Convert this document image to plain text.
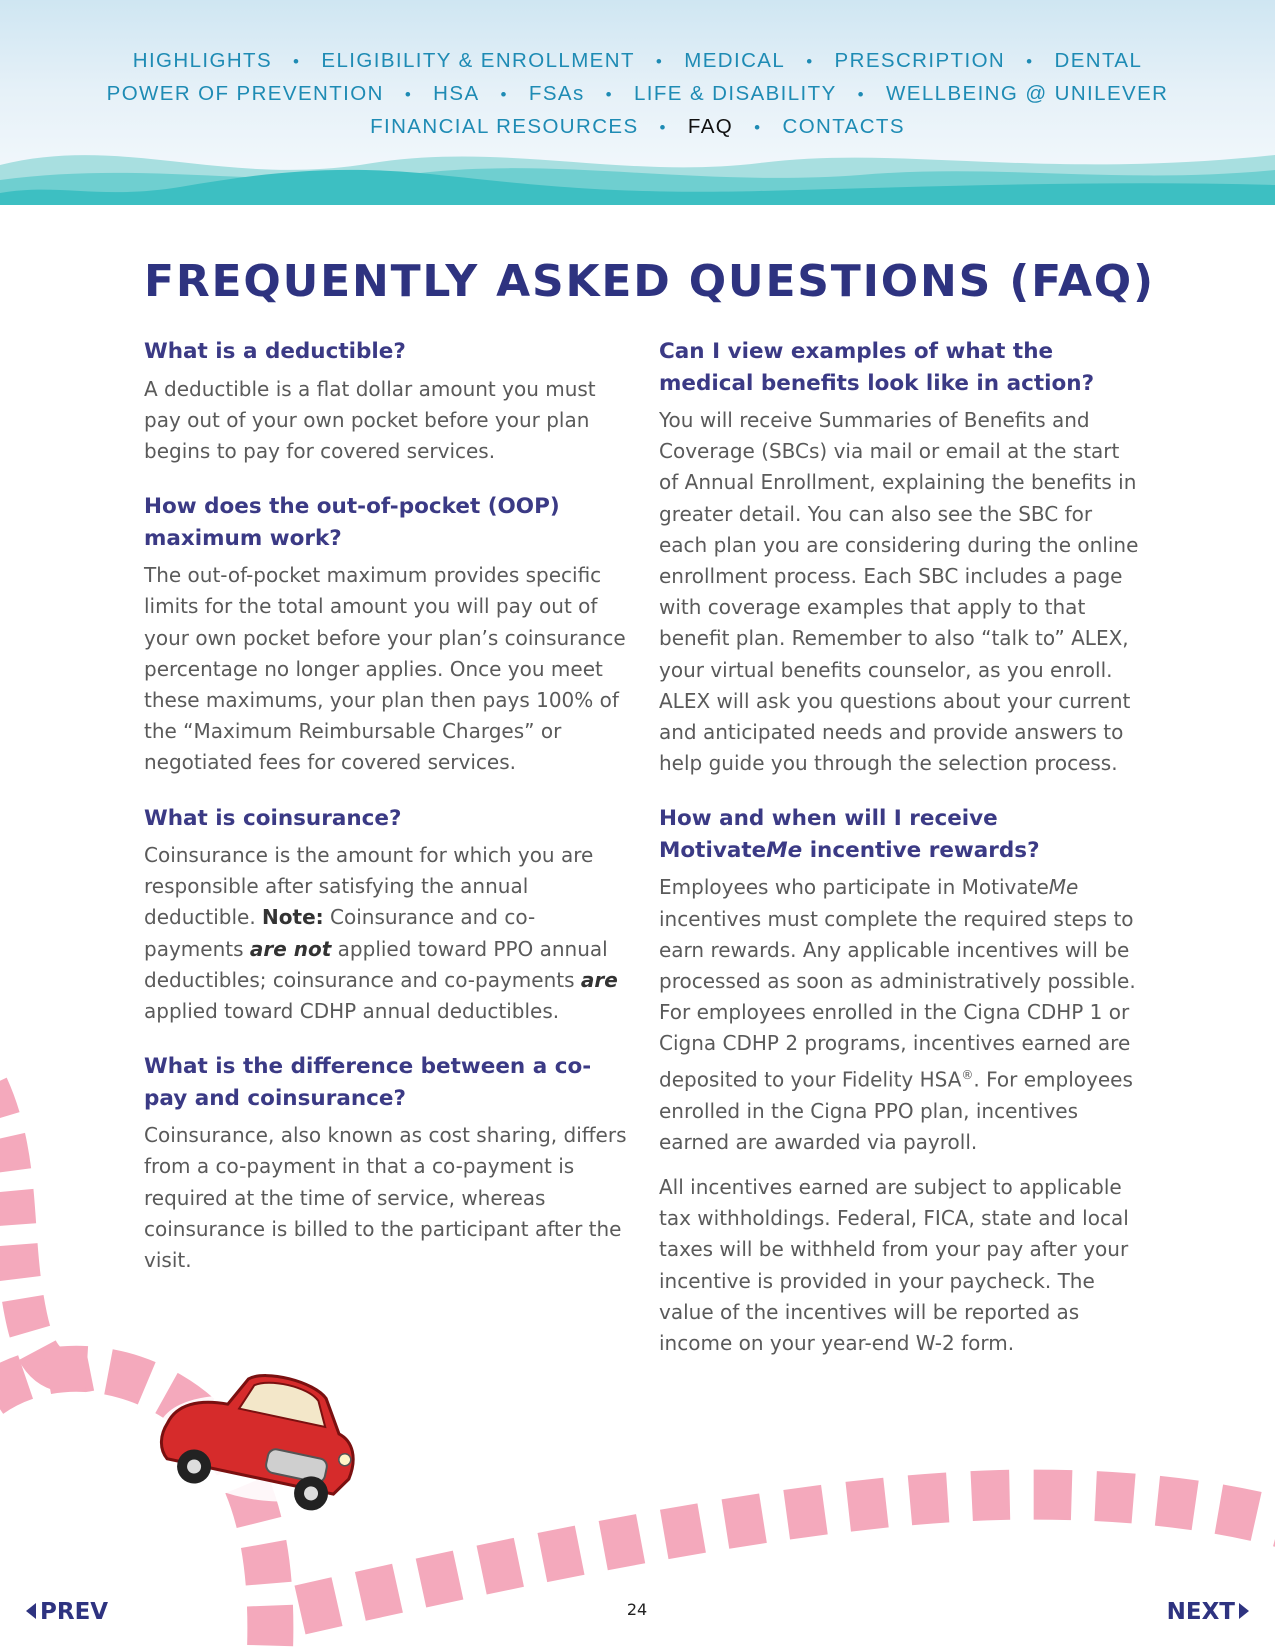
HIGHLIGHTS • ELIGIBILITY & ENROLLMENT • MEDICAL • PRESCRIPTION • DENTAL
POWER OF PREVENTION • HSA • FSAs • LIFE & DISABILITY • WELLBEING @ UNILEVER
FINANCIAL RESOURCES • FAQ • CONTACTS
FREQUENTLY ASKED QUESTIONS (FAQ)
What is a deductible?

A deductible is a flat dollar amount you must pay out of your own pocket before your plan begins to pay for covered services.

How does the out-of-pocket (OOP) maximum work?

The out-of-pocket maximum provides specific limits for the total amount you will pay out of your own pocket before your plan’s coinsurance percentage no longer applies. Once you meet these maximums, your plan then pays 100% of the “Maximum Reimbursable Charges” or negotiated fees for covered services.

What is coinsurance?

Coinsurance is the amount for which you are responsible after satisfying the annual deductible. Note: Coinsurance and co-payments are not applied toward PPO annual deductibles; coinsurance and co-payments are applied toward CDHP annual deductibles.

What is the difference between a co-pay and coinsurance?

Coinsurance, also known as cost sharing, differs from a co-payment in that a co-payment is required at the time of service, whereas coinsurance is billed to the participant after the visit.

Can I view examples of what the medical benefits look like in action?

You will receive Summaries of Benefits and Coverage (SBCs) via mail or email at the start of Annual Enrollment, explaining the benefits in greater detail. You can also see the SBC for each plan you are considering during the online enrollment process. Each SBC includes a page with coverage examples that apply to that benefit plan. Remember to also “talk to” ALEX, your virtual benefits counselor, as you enroll. ALEX will ask you questions about your current and anticipated needs and provide answers to help guide you through the selection process.

How and when will I receive MotivateMe incentive rewards?

Employees who participate in MotivateMe incentives must complete the required steps to earn rewards. Any applicable incentives will be processed as soon as administratively possible. For employees enrolled in the Cigna CDHP 1 or Cigna CDHP 2 programs, incentives earned are deposited to your Fidelity HSA®. For employees enrolled in the Cigna PPO plan, incentives earned are awarded via payroll.

All incentives earned are subject to applicable tax withholdings. Federal, FICA, state and local taxes will be withheld from your pay after your incentive is provided in your paycheck. The value of the incentives will be reported as income on your year-end W-2 form.

PREV	24	NEXT
